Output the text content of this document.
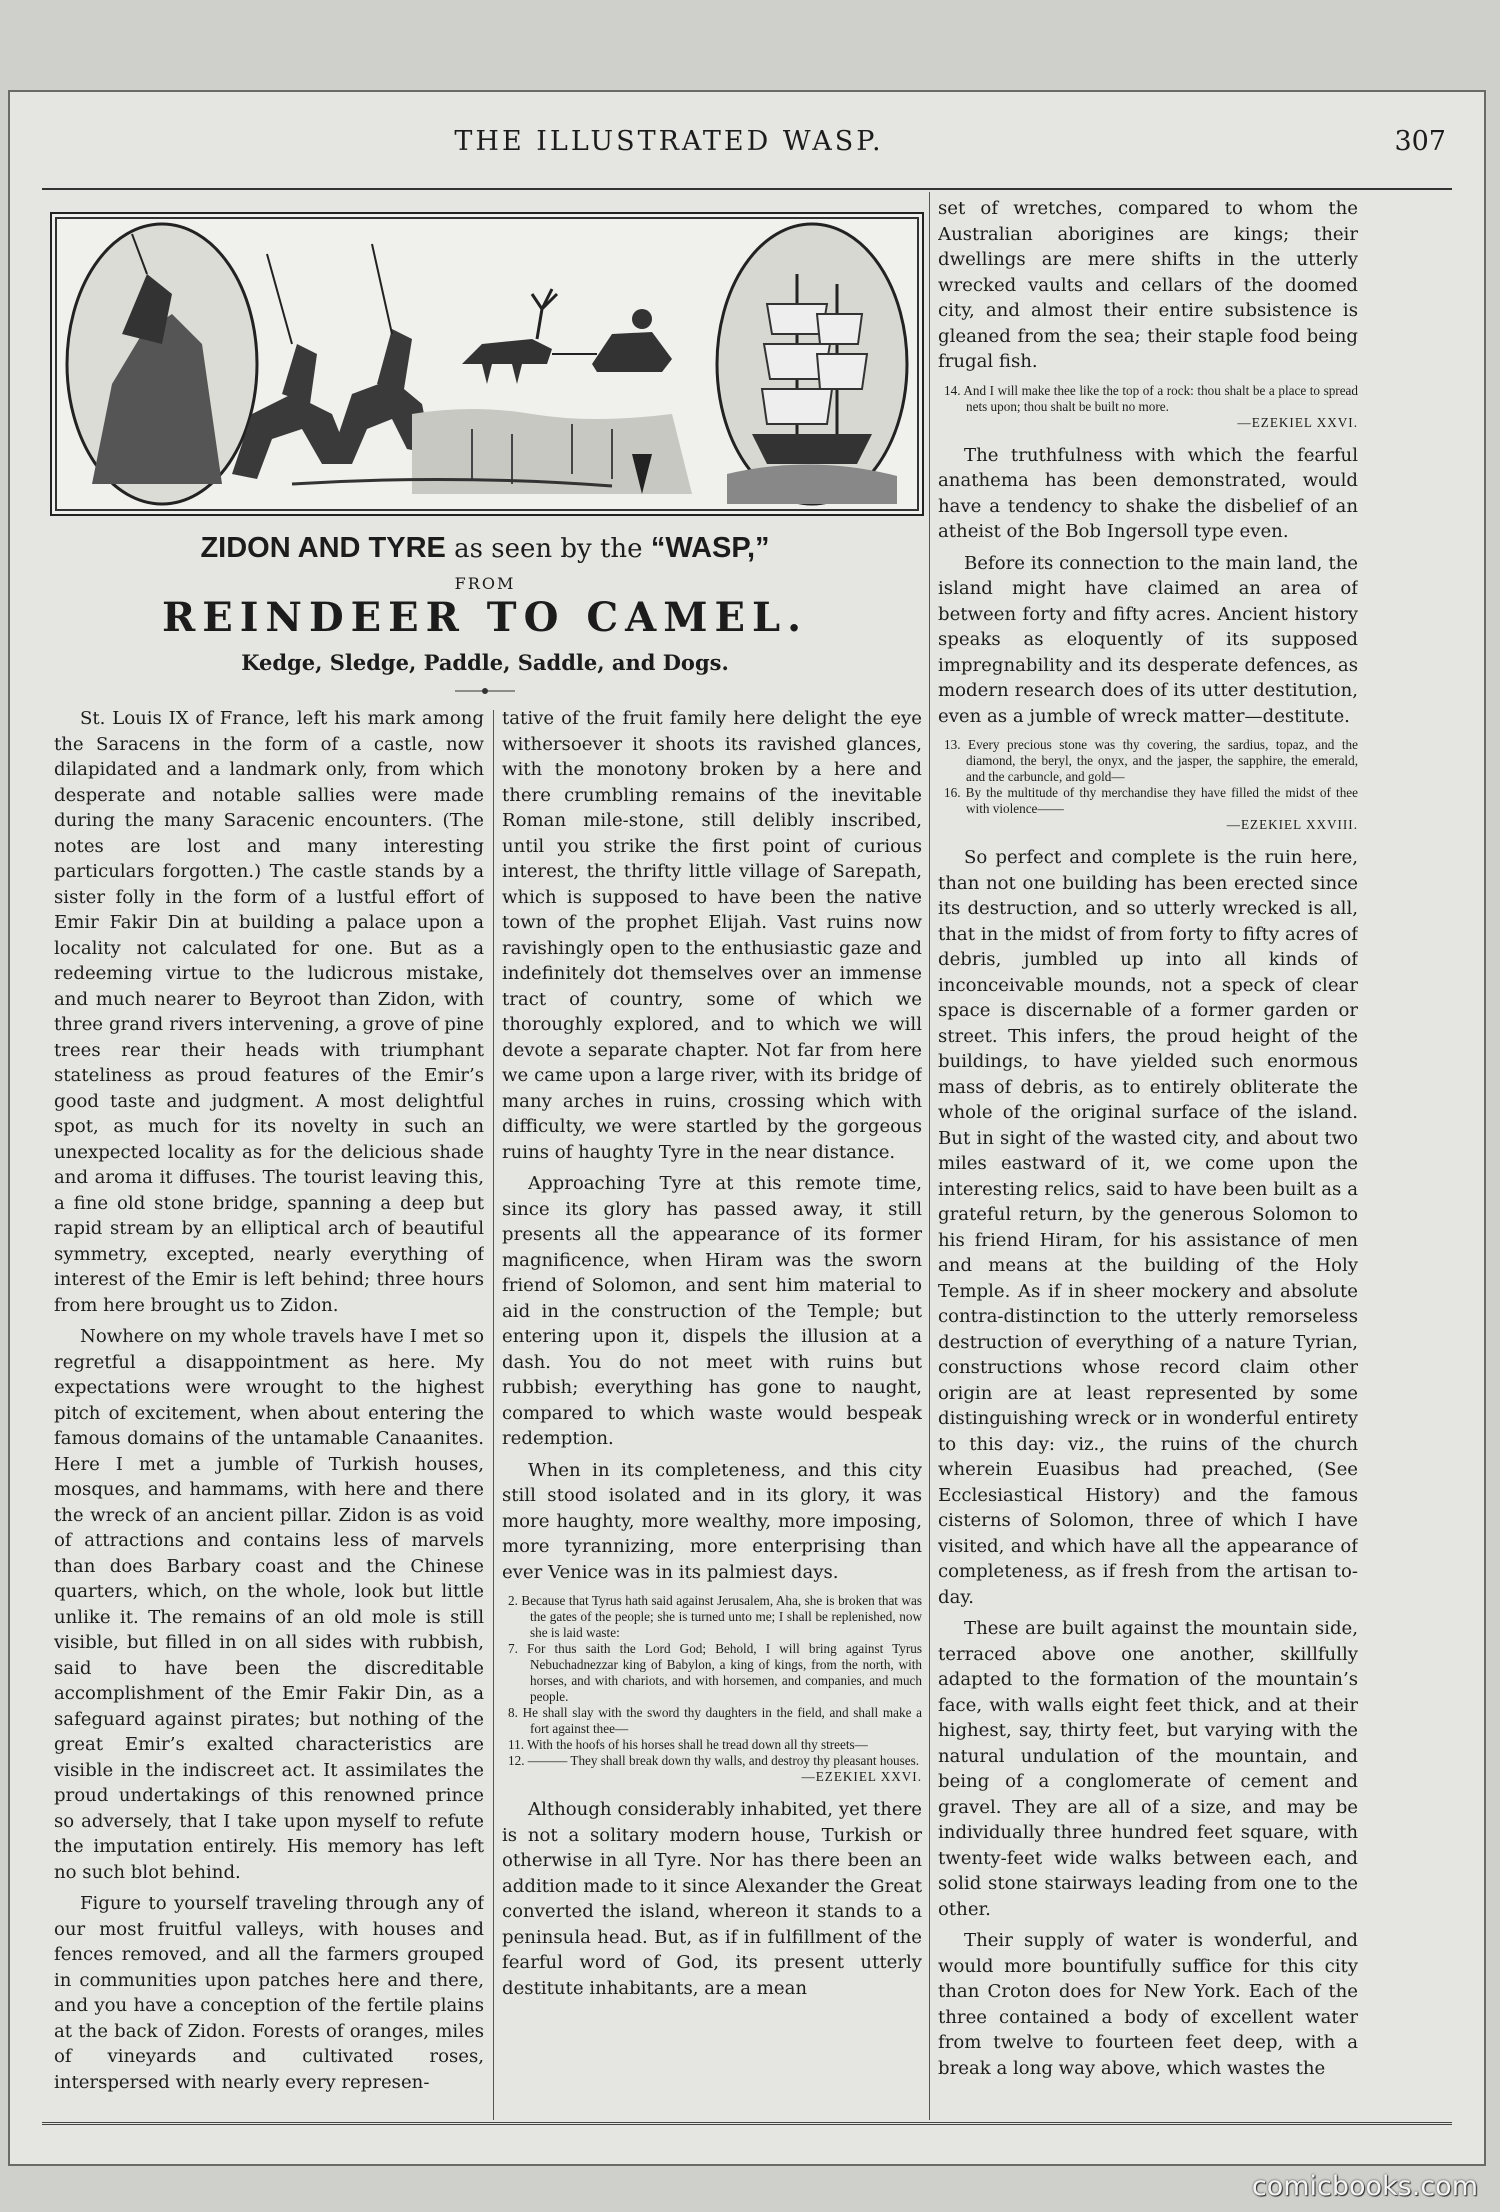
THE ILLUSTRATED WASP.	307
ZIDON AND TYRE as seen by the “WASP,”
FROM
REINDEER TO CAMEL.
Kedge, Sledge, Paddle, Saddle, and Dogs.

St. Louis IX of France, left his mark among the Saracens in the form of a castle, now dilapidated and a landmark only, from which desperate and notable sallies were made during the many Saracenic encounters. (The notes are lost and many interesting particulars forgotten.) The castle stands by a sister folly in the form of a lustful effort of Emir Fakir Din at building a palace upon a locality not calculated for one. But as a redeeming virtue to the ludicrous mistake, and much nearer to Beyroot than Zidon, with three grand rivers intervening, a grove of pine trees rear their heads with triumphant stateliness as proud features of the Emir’s good taste and judgment. A most delightful spot, as much for its novelty in such an unexpected locality as for the delicious shade and aroma it diffuses. The tourist leaving this, a fine old stone bridge, spanning a deep but rapid stream by an elliptical arch of beautiful symmetry, excepted, nearly everything of interest of the Emir is left behind; three hours from here brought us to Zidon.

Nowhere on my whole travels have I met so regretful a disappointment as here. My expectations were wrought to the highest pitch of excitement, when about entering the famous domains of the untamable Canaanites. Here I met a jumble of Turkish houses, mosques, and hammams, with here and there the wreck of an ancient pillar. Zidon is as void of attractions and contains less of marvels than does Barbary coast and the Chinese quarters, which, on the whole, look but little unlike it. The remains of an old mole is still visible, but filled in on all sides with rubbish, said to have been the discreditable accomplishment of the Emir Fakir Din, as a safeguard against pirates; but nothing of the great Emir’s exalted characteristics are visible in the indiscreet act. It assimilates the proud undertakings of this renowned prince so adversely, that I take upon myself to refute the imputation entirely. His memory has left no such blot behind.

Figure to yourself traveling through any of our most fruitful valleys, with houses and fences removed, and all the farmers grouped in communities upon patches here and there, and you have a conception of the fertile plains at the back of Zidon. Forests of oranges, miles of vineyards and cultivated roses, interspersed with nearly every represen-

tative of the fruit family here delight the eye withersoever it shoots its ravished glances, with the monotony broken by a here and there crumbling remains of the inevitable Roman mile-stone, still delibly inscribed, until you strike the first point of curious interest, the thrifty little village of Sarepath, which is supposed to have been the native town of the prophet Elijah. Vast ruins now ravishingly open to the enthusiastic gaze and indefinitely dot themselves over an immense tract of country, some of which we thoroughly explored, and to which we will devote a separate chapter. Not far from here we came upon a large river, with its bridge of many arches in ruins, crossing which with difficulty, we were startled by the gorgeous ruins of haughty Tyre in the near distance.

Approaching Tyre at this remote time, since its glory has passed away, it still presents all the appearance of its former magnificence, when Hiram was the sworn friend of Solomon, and sent him material to aid in the construction of the Temple; but entering upon it, dispels the illusion at a dash. You do not meet with ruins but rubbish; everything has gone to naught, compared to which waste would bespeak redemption.

When in its completeness, and this city still stood isolated and in its glory, it was more haughty, more wealthy, more imposing, more tyrannizing, more enterprising than ever Venice was in its palmiest days.

2. Because that Tyrus hath said against Jerusalem, Aha, she is broken that was the gates of the people; she is turned unto me; I shall be replenished, now she is laid waste:
7. For thus saith the Lord God; Behold, I will bring against Tyrus Nebuchadnezzar king of Babylon, a king of kings, from the north, with horses, and with chariots, and with horsemen, and companies, and much people.
8. He shall slay with the sword thy daughters in the field, and shall make a fort against thee—
11. With the hoofs of his horses shall he tread down all thy streets—
12. ——— They shall break down thy walls, and destroy thy pleasant houses.
—EZEKIEL XXVI.

Although considerably inhabited, yet there is not a solitary modern house, Turkish or otherwise in all Tyre. Nor has there been an addition made to it since Alexander the Great converted the island, whereon it stands to a peninsula head. But, as if in fulfillment of the fearful word of God, its present utterly destitute inhabitants, are a mean

set of wretches, compared to whom the Australian aborigines are kings; their dwellings are mere shifts in the utterly wrecked vaults and cellars of the doomed city, and almost their entire subsistence is gleaned from the sea; their staple food being frugal fish.

14. And I will make thee like the top of a rock: thou shalt be a place to spread nets upon; thou shalt be built no more.
—EZEKIEL XXVI.

The truthfulness with which the fearful anathema has been demonstrated, would have a tendency to shake the disbelief of an atheist of the Bob Ingersoll type even.

Before its connection to the main land, the island might have claimed an area of between forty and fifty acres. Ancient history speaks as eloquently of its supposed impregnability and its desperate defences, as modern research does of its utter destitution, even as a jumble of wreck matter—destitute.

13. Every precious stone was thy covering, the sardius, topaz, and the diamond, the beryl, the onyx, and the jasper, the sapphire, the emerald, and the carbuncle, and gold—
16. By the multitude of thy merchandise they have filled the midst of thee with violence——
—EZEKIEL XXVIII.

So perfect and complete is the ruin here, than not one building has been erected since its destruction, and so utterly wrecked is all, that in the midst of from forty to fifty acres of debris, jumbled up into all kinds of inconceivable mounds, not a speck of clear space is discernable of a former garden or street. This infers, the proud height of the buildings, to have yielded such enormous mass of debris, as to entirely obliterate the whole of the original surface of the island. But in sight of the wasted city, and about two miles eastward of it, we come upon the interesting relics, said to have been built as a grateful return, by the generous Solomon to his friend Hiram, for his assistance of men and means at the building of the Holy Temple. As if in sheer mockery and absolute contra-distinction to the utterly remorseless destruction of everything of a nature Tyrian, constructions whose record claim other origin are at least represented by some distinguishing wreck or in wonderful entirety to this day: viz., the ruins of the church wherein Euasibus had preached, (See Ecclesiastical History) and the famous cisterns of Solomon, three of which I have visited, and which have all the appearance of completeness, as if fresh from the artisan to-day.

These are built against the mountain side, terraced above one another, skillfully adapted to the formation of the mountain’s face, with walls eight feet thick, and at their highest, say, thirty feet, but varying with the natural undulation of the mountain, and being of a conglomerate of cement and gravel. They are all of a size, and may be individually three hundred feet square, with twenty-feet wide walks between each, and solid stone stairways leading from one to the other.

Their supply of water is wonderful, and would more bountifully suffice for this city than Croton does for New York. Each of the three contained a body of excellent water from twelve to fourteen feet deep, with a break a long way above, which wastes the

comicbooks.com
